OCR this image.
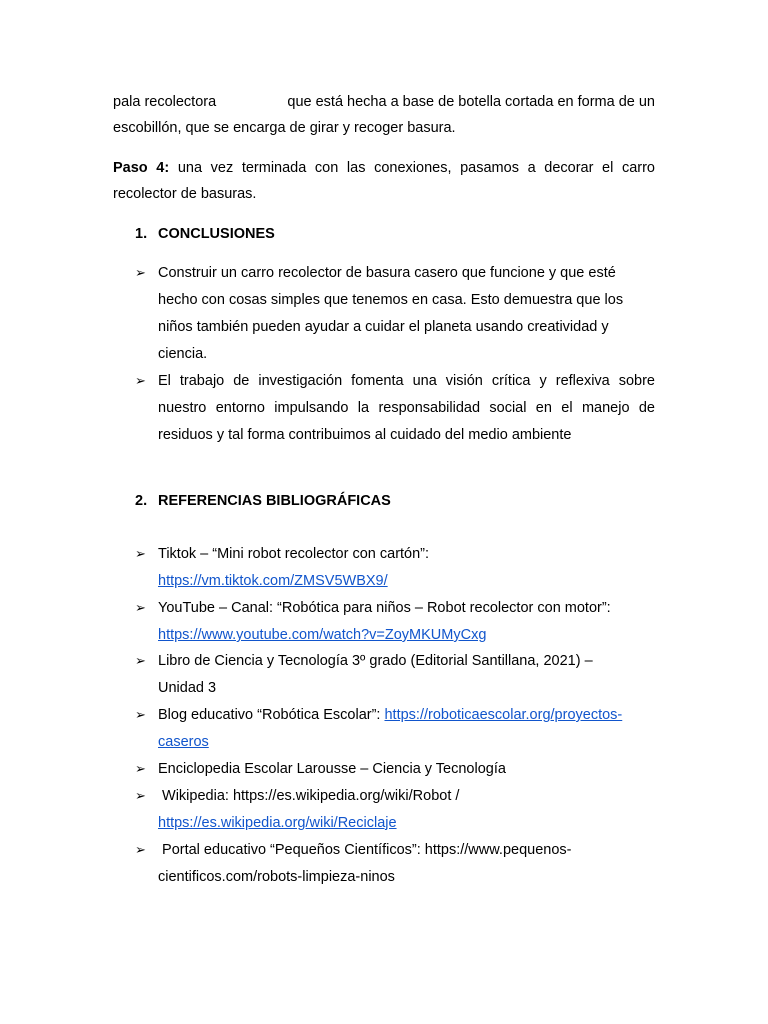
pala recolectora	que está hecha a base de botella cortada en forma de un

escobillón, que se encarga de girar y recoger basura.

Paso 4: una vez terminada con las conexiones, pasamos a decorar el carro

recolector de basuras.

1. CONCLUSIONES
➢ Construir un carro recolector de basura casero que funcione y que esté

hecho con cosas simples que tenemos en casa. Esto demuestra que los

niños también pueden ayudar a cuidar el planeta usando creatividad y

ciencia.

➢ El trabajo de investigación fomenta una visión crítica y reflexiva sobre

nuestro entorno impulsando la responsabilidad social en el manejo de

residuos y tal forma contribuimos al cuidado del medio ambiente

2. REFERENCIAS BIBLIOGRÁFICAS
➢ Tiktok – “Mini robot recolector con cartón”:

https://vm.tiktok.com/ZMSV5WBX9/

➢ YouTube – Canal: “Robótica para niños – Robot recolector con motor”:

https://www.youtube.com/watch?v=ZoyMKUMyCxg

➢ Libro de Ciencia y Tecnología 3º grado (Editorial Santillana, 2021) –

Unidad 3

➢ Blog educativo “Robótica Escolar”: https://roboticaescolar.org/proyectos-

caseros

➢ Enciclopedia Escolar Larousse – Ciencia y Tecnología

➢ Wikipedia: https://es.wikipedia.org/wiki/Robot /

https://es.wikipedia.org/wiki/Reciclaje

➢ Portal educativo “Pequeños Científicos”: https://www.pequenos-

cientificos.com/robots-limpieza-ninos
